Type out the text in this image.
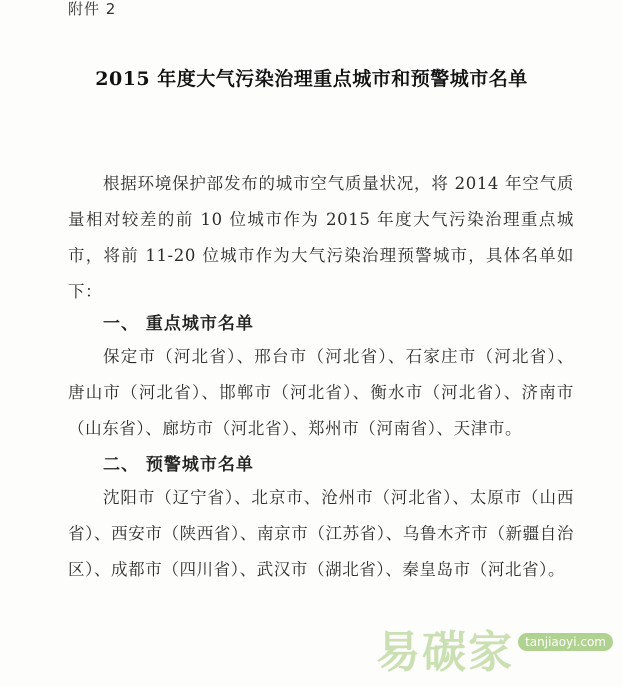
附件 2
2015 年度大气污染治理重点城市和预警城市名单

根据环境保护部发布的城市空气质量状况，将 2014 年空气质量相对较差的前 10 位城市作为 2015 年度大气污染治理重点城市，将前 11-20 位城市作为大气污染治理预警城市，具体名单如下：

一、 重点城市名单

保定市（河北省）、邢台市（河北省）、石家庄市（河北省）、唐山市（河北省）、邯郸市（河北省）、衡水市（河北省）、济南市（山东省）、廊坊市（河北省）、郑州市（河南省）、天津市。

二、 预警城市名单

沈阳市（辽宁省）、北京市、沧州市（河北省）、太原市（山西省）、西安市（陕西省）、南京市（江苏省）、乌鲁木齐市（新疆自治区）、成都市（四川省）、武汉市（湖北省）、秦皇岛市（河北省）。

易碳家 tanjiaoyi.com
